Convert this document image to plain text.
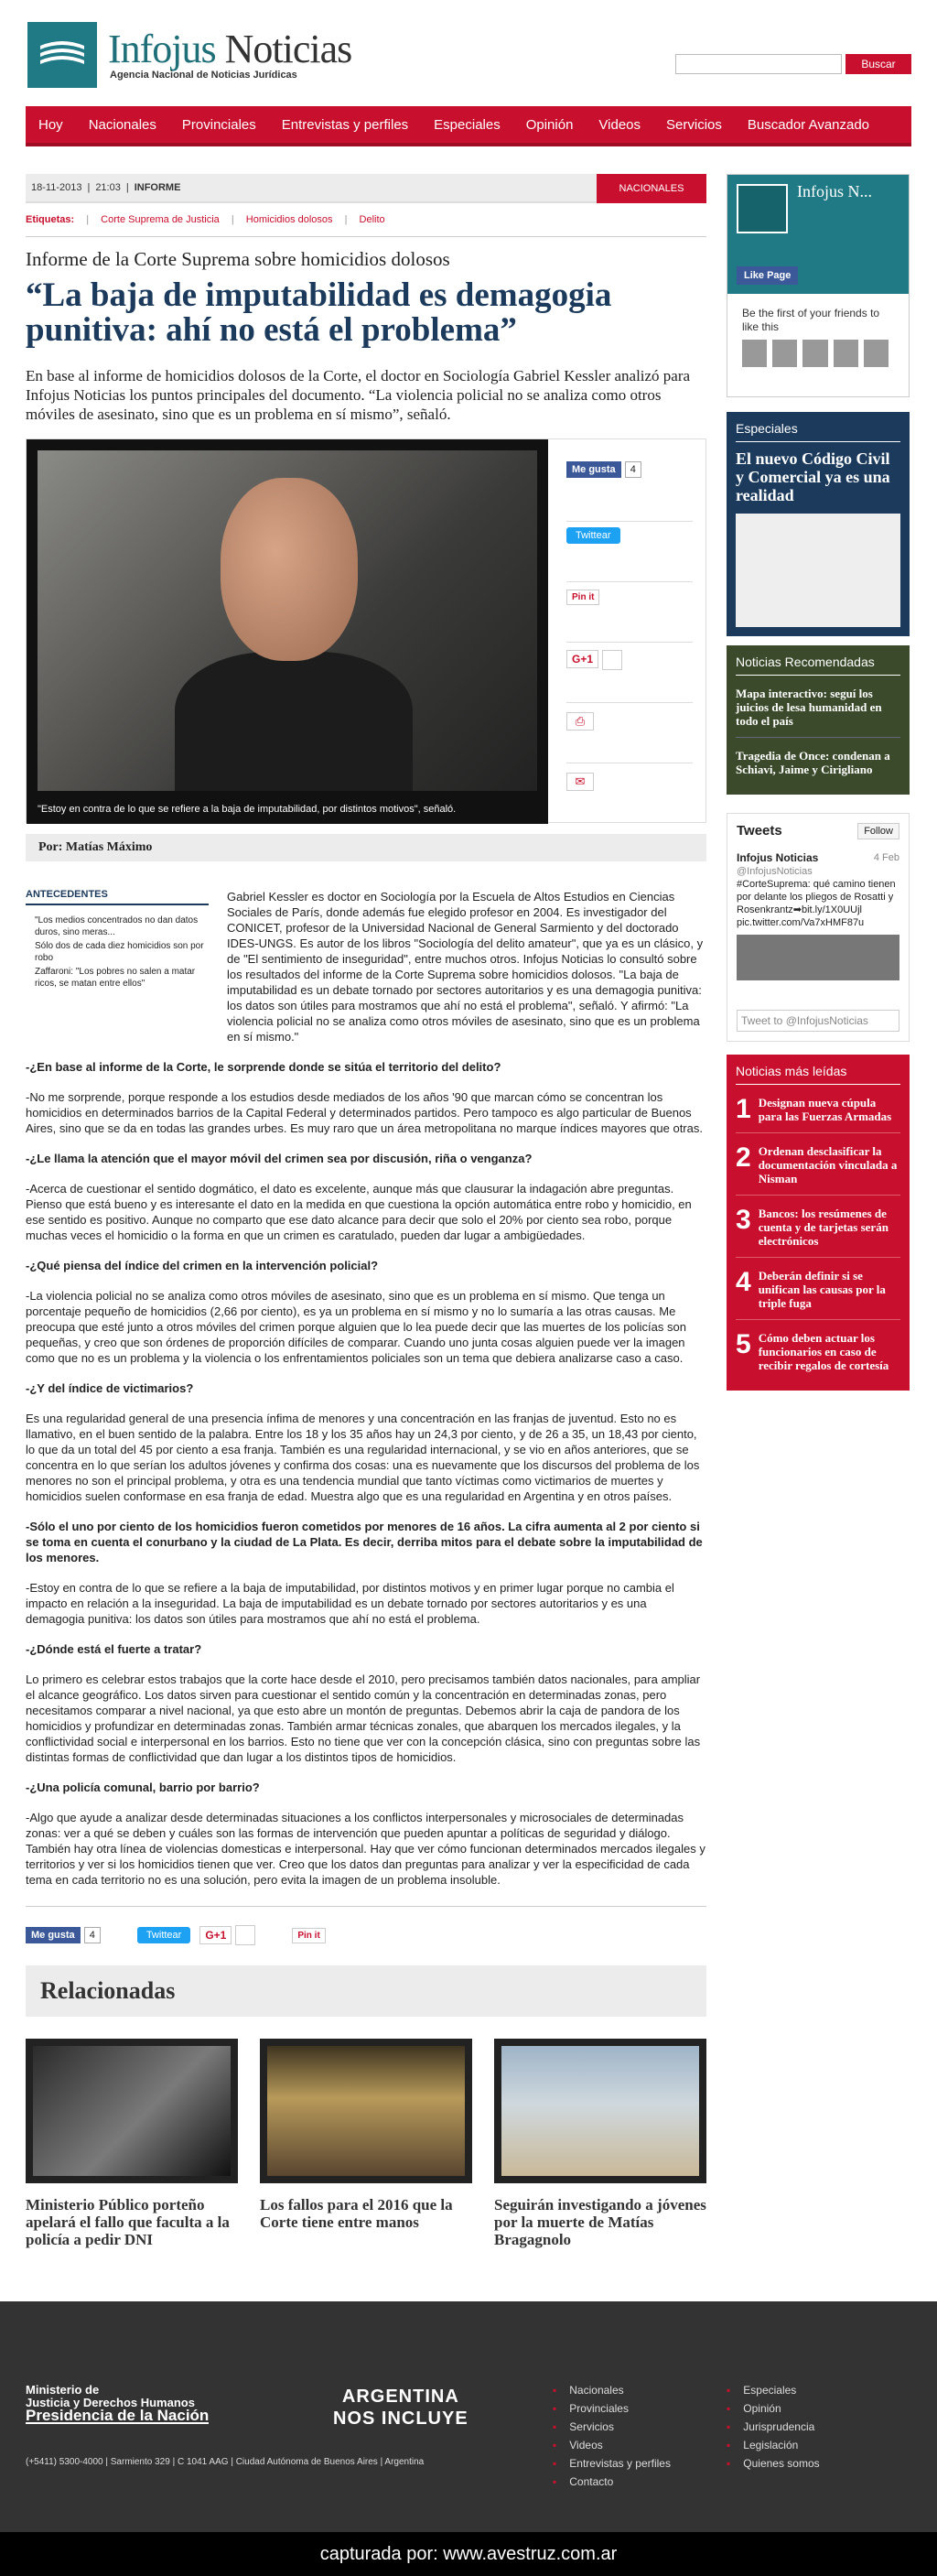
Infojus Noticias
Agencia Nacional de Noticias Jurídicas
Buscar
Hoy Nacionales Provinciales Entrevistas y perfiles Especiales Opinión Videos Servicios Buscador Avanzado
18-11-2013 | 21:03 | INFORME	NACIONALES
Etiquetas: | Corte Suprema de Justicia | Homicidios dolosos | Delito
Informe de la Corte Suprema sobre homicidios dolosos
“La baja de imputabilidad es demagogia punitiva: ahí no está el problema”
En base al informe de homicidios dolosos de la Corte, el doctor en Sociología Gabriel Kessler analizó para Infojus Noticias los puntos principales del documento. “La violencia policial no se analiza como otros móviles de asesinato, sino que es un problema en sí mismo”, señaló.
"Estoy en contra de lo que se refiere a la baja de imputabilidad, por distintos motivos", señaló.
Me gusta	4
Twittear
Pin it
G+1
⎙
✉
Por: Matías Máximo
ANTECEDENTES
"Los medios concentrados no dan datos duros, sino meras...
Sólo dos de cada diez homicidios son por robo
Zaffaroni: "Los pobres no salen a matar ricos, se matan entre ellos"
Gabriel Kessler es doctor en Sociología por la Escuela de Altos Estudios en Ciencias Sociales de París, donde además fue elegido profesor en 2004. Es investigador del CONICET, profesor de la Universidad Nacional de General Sarmiento y del doctorado IDES-UNGS. Es autor de los libros "Sociología del delito amateur", que ya es un clásico, y de "El sentimiento de inseguridad", entre muchos otros. Infojus Noticias lo consultó sobre los resultados del informe de la Corte Suprema sobre homicidios dolosos. "La baja de imputabilidad es un debate tornado por sectores autoritarios y es una demagogia punitiva: los datos son útiles para mostramos que ahí no está el problema", señaló. Y afirmó: "La violencia policial no se analiza como otros móviles de asesinato, sino que es un problema en sí mismo."

-¿En base al informe de la Corte, le sorprende donde se sitúa el territorio del delito?

-No me sorprende, porque responde a los estudios desde mediados de los años '90 que marcan cómo se concentran los homicidios en determinados barrios de la Capital Federal y determinados partidos. Pero tampoco es algo particular de Buenos Aires, sino que se da en todas las grandes urbes. Es muy raro que un área metropolitana no marque índices mayores que otras.

-¿Le llama la atención que el mayor móvil del crimen sea por discusión, riña o venganza?

-Acerca de cuestionar el sentido dogmático, el dato es excelente, aunque más que clausurar la indagación abre preguntas. Pienso que está bueno y es interesante el dato en la medida en que cuestiona la opción automática entre robo y homicidio, en ese sentido es positivo. Aunque no comparto que ese dato alcance para decir que solo el 20% por ciento sea robo, porque muchas veces el homicidio o la forma en que un crimen es caratulado, pueden dar lugar a ambigüedades.

-¿Qué piensa del índice del crimen en la intervención policial?

-La violencia policial no se analiza como otros móviles de asesinato, sino que es un problema en sí mismo. Que tenga un porcentaje pequeño de homicidios (2,66 por ciento), es ya un problema en sí mismo y no lo sumaría a las otras causas. Me preocupa que esté junto a otros móviles del crimen porque alguien que lo lea puede decir que las muertes de los policías son pequeñas, y creo que son órdenes de proporción difíciles de comparar. Cuando uno junta cosas alguien puede ver la imagen como que no es un problema y la violencia o los enfrentamientos policiales son un tema que debiera analizarse caso a caso.

-¿Y del índice de victimarios?

Es una regularidad general de una presencia ínfima de menores y una concentración en las franjas de juventud. Esto no es llamativo, en el buen sentido de la palabra. Entre los 18 y los 35 años hay un 24,3 por ciento, y de 26 a 35, un 18,43 por ciento, lo que da un total del 45 por ciento a esa franja. También es una regularidad internacional, y se vio en años anteriores, que se concentra en lo que serían los adultos jóvenes y confirma dos cosas: una es nuevamente que los discursos del problema de los menores no son el principal problema, y otra es una tendencia mundial que tanto víctimas como victimarios de muertes y homicidios suelen conformase en esa franja de edad. Muestra algo que es una regularidad en Argentina y en otros países.

-Sólo el uno por ciento de los homicidios fueron cometidos por menores de 16 años. La cifra aumenta al 2 por ciento si se toma en cuenta el conurbano y la ciudad de La Plata. Es decir, derriba mitos para el debate sobre la imputabilidad de los menores.

-Estoy en contra de lo que se refiere a la baja de imputabilidad, por distintos motivos y en primer lugar porque no cambia el impacto en relación a la inseguridad. La baja de imputabilidad es un debate tornado por sectores autoritarios y es una demagogia punitiva: los datos son útiles para mostramos que ahí no está el problema.

-¿Dónde está el fuerte a tratar?

Lo primero es celebrar estos trabajos que la corte hace desde el 2010, pero precisamos también datos nacionales, para ampliar el alcance geográfico. Los datos sirven para cuestionar el sentido común y la concentración en determinadas zonas, pero necesitamos comparar a nivel nacional, ya que esto abre un montón de preguntas. Debemos abrir la caja de pandora de los homicidios y profundizar en determinadas zonas. También armar técnicas zonales, que abarquen los mercados ilegales, y la conflictividad social e interpersonal en los barrios. Esto no tiene que ver con la concepción clásica, sino con preguntas sobre las distintas formas de conflictividad que dan lugar a los distintos tipos de homicidios.

-¿Una policía comunal, barrio por barrio?

-Algo que ayude a analizar desde determinadas situaciones a los conflictos interpersonales y microsociales de determinadas zonas: ver a qué se deben y cuáles son las formas de intervención que pueden apuntar a políticas de seguridad y diálogo. También hay otra línea de violencias domesticas e interpersonal. Hay que ver cómo funcionan determinados mercados ilegales y territorios y ver si los homicidios tienen que ver. Creo que los datos dan preguntas para analizar y ver la especificidad de cada tema en cada territorio no es una solución, pero evita la imagen de un problema insoluble.

Me gusta	4	Twittear	G+1	Pin it
Relacionadas
Ministerio Público porteño apelará el fallo que faculta a la policía a pedir DNI
Los fallos para el 2016 que la Corte tiene entre manos
Seguirán investigando a jóvenes por la muerte de Matías Bragagnolo
Infojus N...
Like Page
Be the first of your friends to like this
Especiales
El nuevo Código Civil y Comercial ya es una realidad
Noticias Recomendadas
Mapa interactivo: seguí los juicios de lesa humanidad en todo el país
Tragedia de Once: condenan a Schiavi, Jaime y Cirigliano
Tweets	Follow
Infojus Noticias	4 Feb

@InfojusNoticias
#CorteSuprema: qué camino tienen por delante los pliegos de Rosatti y Rosenkrantz➡bit.ly/1X0UUjl pic.twitter.com/Va7xHMF87u
Tweet to @InfojusNoticias
Noticias más leídas
1 Designan nueva cúpula para las Fuerzas Armadas
2 Ordenan desclasificar la documentación vinculada a Nisman
3 Bancos: los resúmenes de cuenta y de tarjetas serán electrónicos
4 Deberán definir si se unifican las causas por la triple fuga
5 Cómo deben actuar los funcionarios en caso de recibir regalos de cortesía
Ministerio de
Justicia y Derechos Humanos
Presidencia de la Nación
(+5411) 5300-4000 | Sarmiento 329 | C 1041 AAG | Ciudad Autónoma de Buenos Aires | Argentina
ARGENTINA
NOS INCLUYE
▪ Nacionales
▪ Provinciales
▪ Servicios
▪ Videos
▪ Entrevistas y perfiles
▪ Contacto
▪ Especiales
▪ Opinión
▪ Jurisprudencia
▪ Legislación
▪ Quienes somos
capturada por: www.avestruz.com.ar
